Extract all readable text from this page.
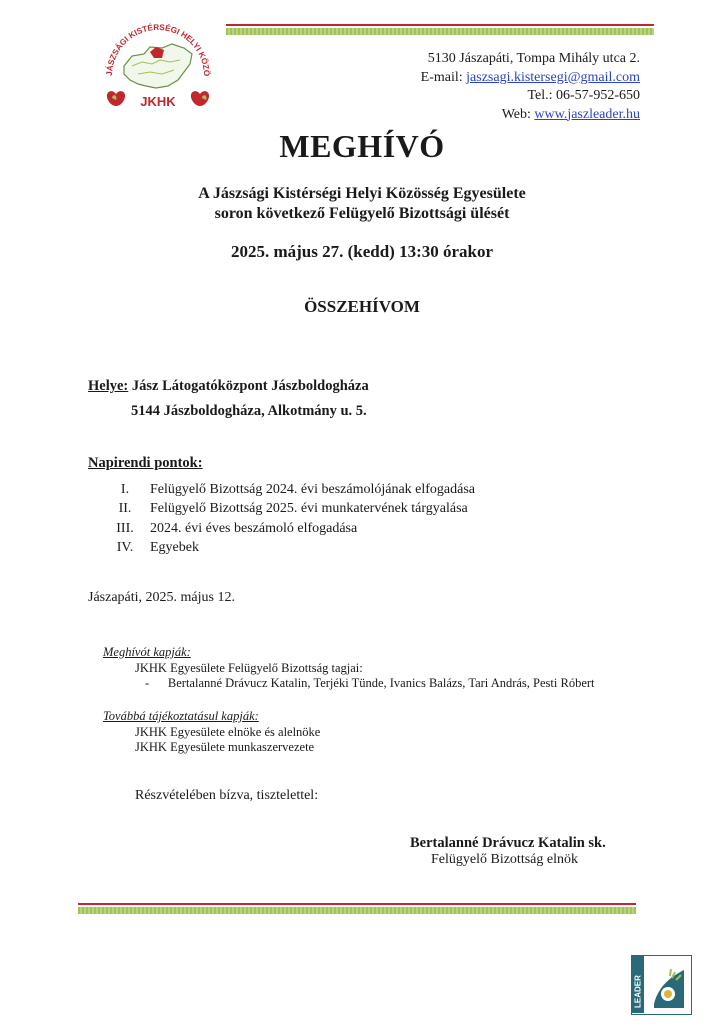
JÁSZSÁGI KISTÉRSÉGI HELYI KÖZÖ
JKHK
5130 Jászapáti, Tompa Mihály utca 2.
E-mail: jaszsagi.kistersegi@gmail.com
Tel.: 06-57-952-650
Web: www.jaszleader.hu
MEGHÍVÓ
A Jászsági Kistérségi Helyi Közösség Egyesülete
soron következő Felügyelő Bizottsági ülését
2025. május 27. (kedd) 13:30 órakor
ÖSSZEHÍVOM
Helye: Jász Látogatóközpont Jászboldogháza
5144 Jászboldogháza, Alkotmány u. 5.
Napirendi pontok:
I.	Felügyelő Bizottság 2024. évi beszámolójának elfogadása
II.	Felügyelő Bizottság 2025. évi munkatervének tárgyalása
III.	2024. évi éves beszámoló elfogadása
IV.	Egyebek
Jászapáti, 2025. május 12.
Meghívót kapják:
JKHK Egyesülete Felügyelő Bizottság tagjai:
-      Bertalanné Drávucz Katalin, Terjéki Tünde, Ivanics Balázs, Tari András, Pesti Róbert
Továbbá tájékoztatásul kapják:
JKHK Egyesülete elnöke és alelnöke
JKHK Egyesülete munkaszervezete
Részvételében bízva, tisztelettel:
Bertalanné Drávucz Katalin sk.
Felügyelő Bizottság elnök
LEADER
